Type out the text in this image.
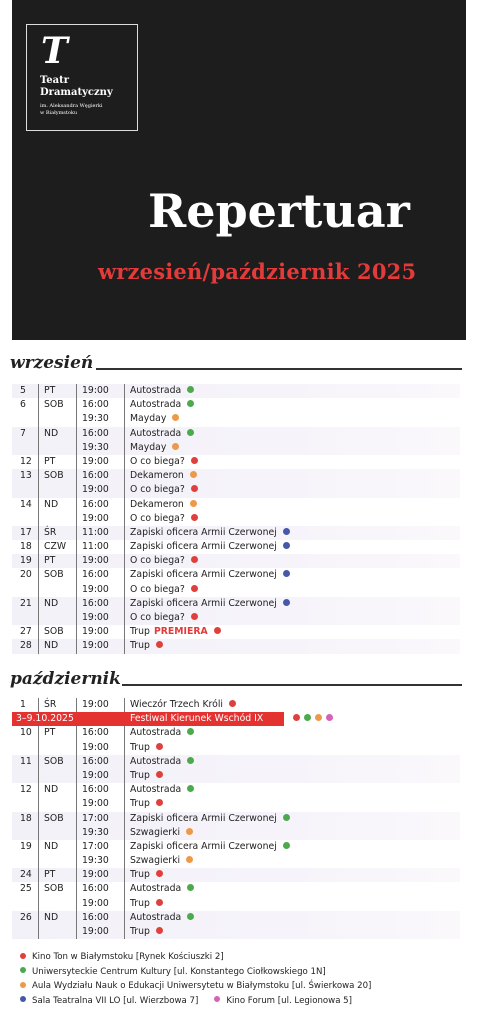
T
Teatr
Dramatyczny
im. Aleksandra Węgierki
w Białymstoku
Repertuar
wrzesień/październik 2025
wrzesień
5 PT	19:00 Autostrada
6 SOB 16:00 Autostrada
19:30 Mayday
7 ND	16:00 Autostrada
19:30 Mayday
12 PT	19:00 O co biega?
13 SOB 16:00 Dekameron
19:00 O co biega?
14 ND	16:00 Dekameron
19:00 O co biega?
17 ŚR	11:00 Zapiski oficera Armii Czerwonej
18 CZW 11:00 Zapiski oficera Armii Czerwonej
19 PT	19:00 O co biega?
20 SOB 16:00 Zapiski oficera Armii Czerwonej
19:00 O co biega?
21 ND	16:00 Zapiski oficera Armii Czerwonej
19:00 O co biega?
27 SOB 19:00 Trup PREMIERA
28 ND	19:00 Trup
październik
1 ŚR	19:00 Wieczór Trzech Króli
3–9.10.2025	Festiwal Kierunek Wschód IX
10 PT	16:00 Autostrada
19:00 Trup
11 SOB 16:00 Autostrada
19:00 Trup
12 ND	16:00 Autostrada
19:00 Trup
18 SOB 17:00 Zapiski oficera Armii Czerwonej
19:30 Szwagierki
19 ND	17:00 Zapiski oficera Armii Czerwonej
19:30 Szwagierki
24 PT	19:00 Trup
25 SOB 16:00 Autostrada
19:00 Trup
26 ND	16:00 Autostrada
19:00 Trup
Kino Ton w Białymstoku [Rynek Kościuszki 2]
Uniwersyteckie Centrum Kultury [ul. Konstantego Ciołkowskiego 1N]
Aula Wydziału Nauk o Edukacji Uniwersytetu w Białymstoku [ul. Świerkowa 20]
Sala Teatralna VII LO [ul. Wierzbowa 7]	Kino Forum [ul. Legionowa 5]
